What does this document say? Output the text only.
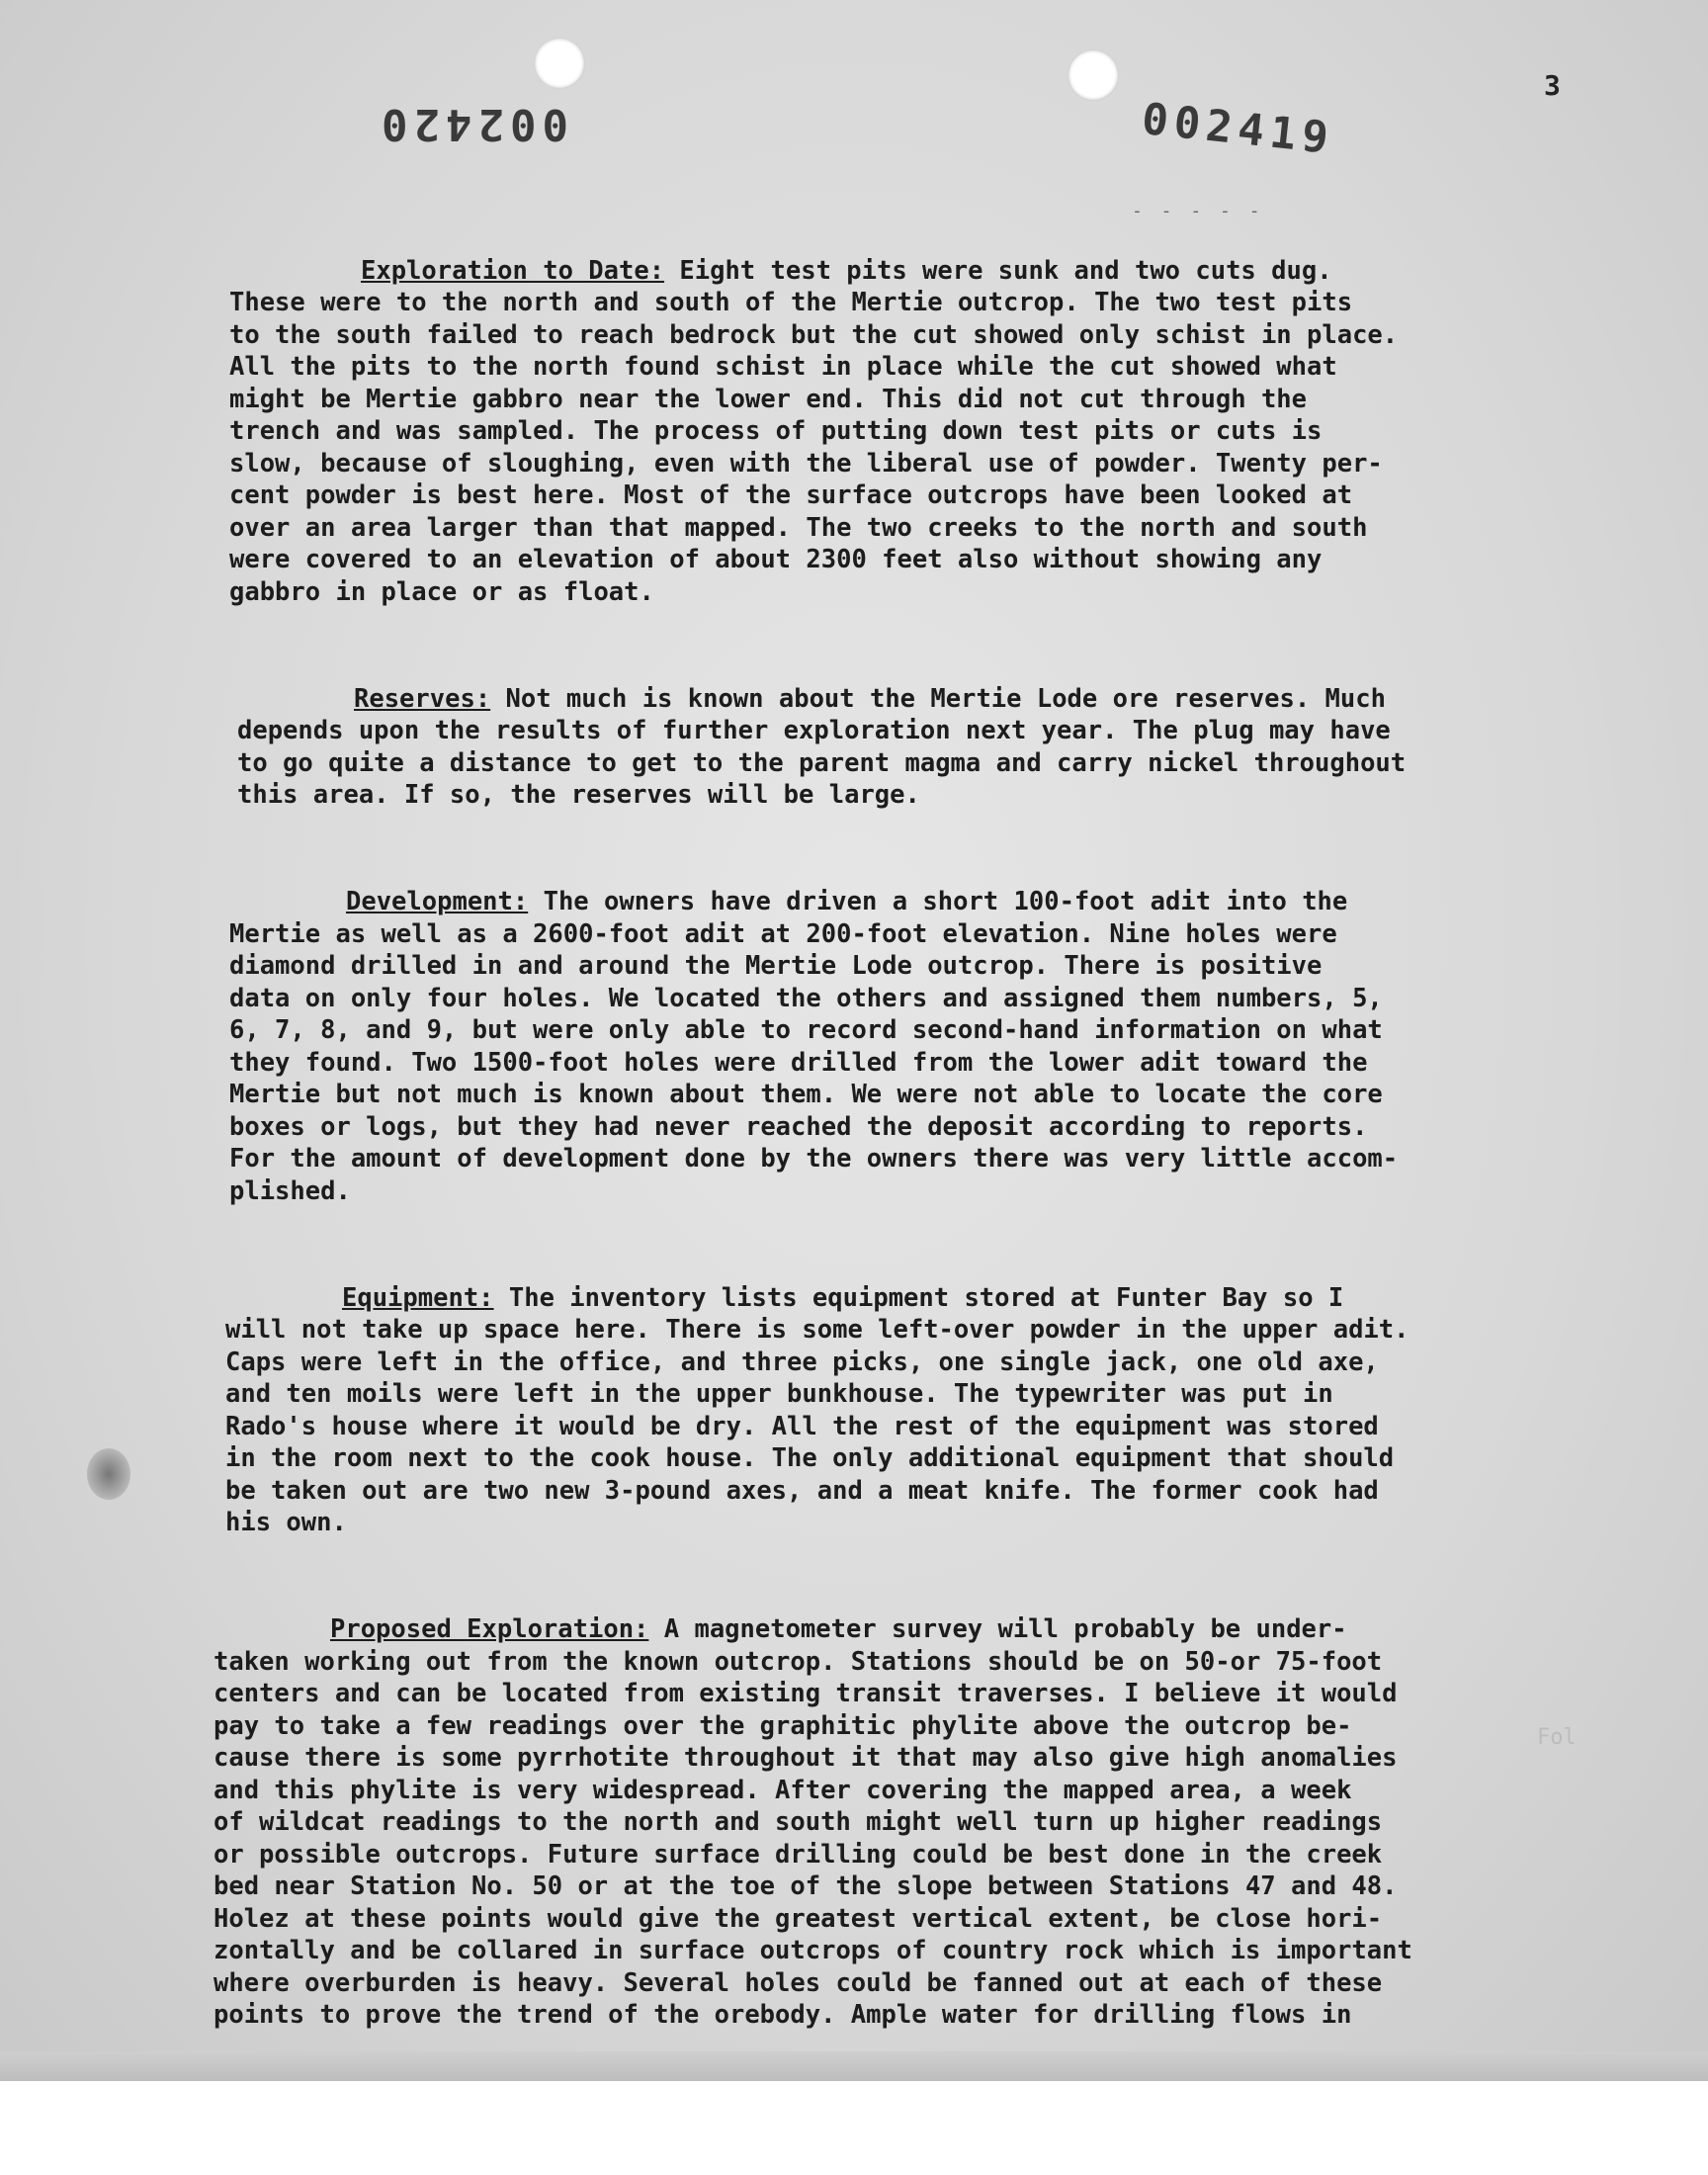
3
002420	002419
- - - - -
Fol

Exploration to Date: Eight test pits were sunk and two cuts dug.
These were to the north and south of the Mertie outcrop. The two test pits
to the south failed to reach bedrock but the cut showed only schist in place.
All the pits to the north found schist in place while the cut showed what
might be Mertie gabbro near the lower end. This did not cut through the
trench and was sampled. The process of putting down test pits or cuts is
slow, because of sloughing, even with the liberal use of powder. Twenty per-
cent powder is best here. Most of the surface outcrops have been looked at
over an area larger than that mapped. The two creeks to the north and south
were covered to an elevation of about 2300 feet also without showing any
gabbro in place or as float.

Reserves: Not much is known about the Mertie Lode ore reserves. Much
depends upon the results of further exploration next year. The plug may have
to go quite a distance to get to the parent magma and carry nickel throughout
this area. If so, the reserves will be large.

Development: The owners have driven a short 100-foot adit into the
Mertie as well as a 2600-foot adit at 200-foot elevation. Nine holes were
diamond drilled in and around the Mertie Lode outcrop. There is positive
data on only four holes. We located the others and assigned them numbers, 5,
6, 7, 8, and 9, but were only able to record second-hand information on what
they found. Two 1500-foot holes were drilled from the lower adit toward the
Mertie but not much is known about them. We were not able to locate the core
boxes or logs, but they had never reached the deposit according to reports.
For the amount of development done by the owners there was very little accom-
plished.

Equipment: The inventory lists equipment stored at Funter Bay so I
will not take up space here. There is some left-over powder in the upper adit.
Caps were left in the office, and three picks, one single jack, one old axe,
and ten moils were left in the upper bunkhouse. The typewriter was put in
Rado's house where it would be dry. All the rest of the equipment was stored
in the room next to the cook house. The only additional equipment that should
be taken out are two new 3-pound axes, and a meat knife. The former cook had
his own.

Proposed Exploration: A magnetometer survey will probably be under-
taken working out from the known outcrop. Stations should be on 50-or 75-foot
centers and can be located from existing transit traverses. I believe it would
pay to take a few readings over the graphitic phylite above the outcrop be-
cause there is some pyrrhotite throughout it that may also give high anomalies
and this phylite is very widespread. After covering the mapped area, a week
of wildcat readings to the north and south might well turn up higher readings
or possible outcrops. Future surface drilling could be best done in the creek
bed near Station No. 50 or at the toe of the slope between Stations 47 and 48.
Holez at these points would give the greatest vertical extent, be close hori-
zontally and be collared in surface outcrops of country rock which is important
where overburden is heavy. Several holes could be fanned out at each of these
points to prove the trend of the orebody. Ample water for drilling flows in
